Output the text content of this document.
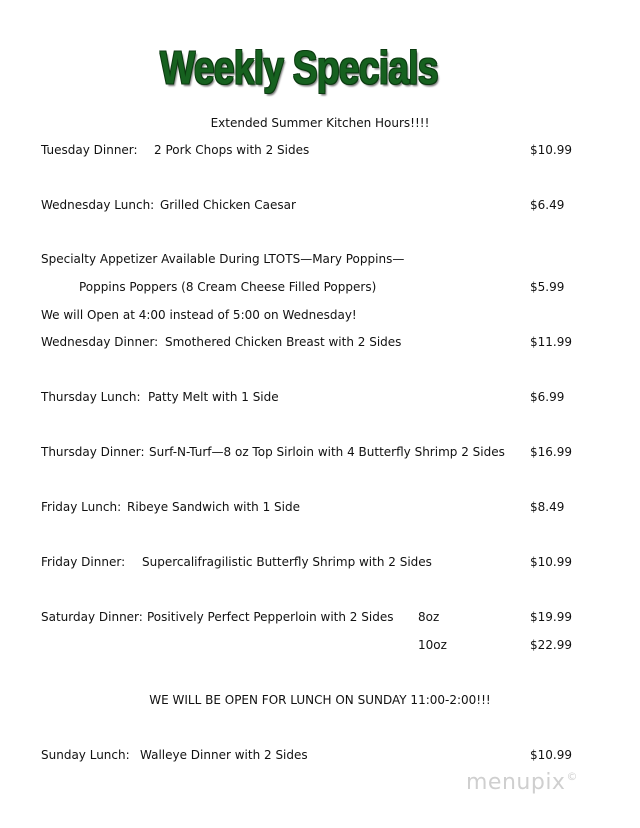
Weekly Specials
Extended Summer Kitchen Hours!!!!
Tuesday Dinner: 2 Pork Chops with 2 Sides	$10.99
Wednesday Lunch: Grilled Chicken Caesar	$6.49
Specialty Appetizer Available During LTOTS—Mary Poppins—
Poppins Poppers (8 Cream Cheese Filled Poppers)	$5.99
We will Open at 4:00 instead of 5:00 on Wednesday!
Wednesday Dinner: Smothered Chicken Breast with 2 Sides	$11.99
Thursday Lunch: Patty Melt with 1 Side	$6.99
Thursday Dinner: Surf-N-Turf—8 oz Top Sirloin with 4 Butterfly Shrimp 2 Sides $16.99
Friday Lunch: Ribeye Sandwich with 1 Side	$8.49
Friday Dinner: Supercalifragilistic Butterfly Shrimp with 2 Sides	$10.99
Saturday Dinner: Positively Perfect Pepperloin with 2 Sides 8oz	$19.99
10oz	$22.99
WE WILL BE OPEN FOR LUNCH ON SUNDAY 11:00-2:00!!!
Sunday Lunch: Walleye Dinner with 2 Sides	$10.99
menupix©
